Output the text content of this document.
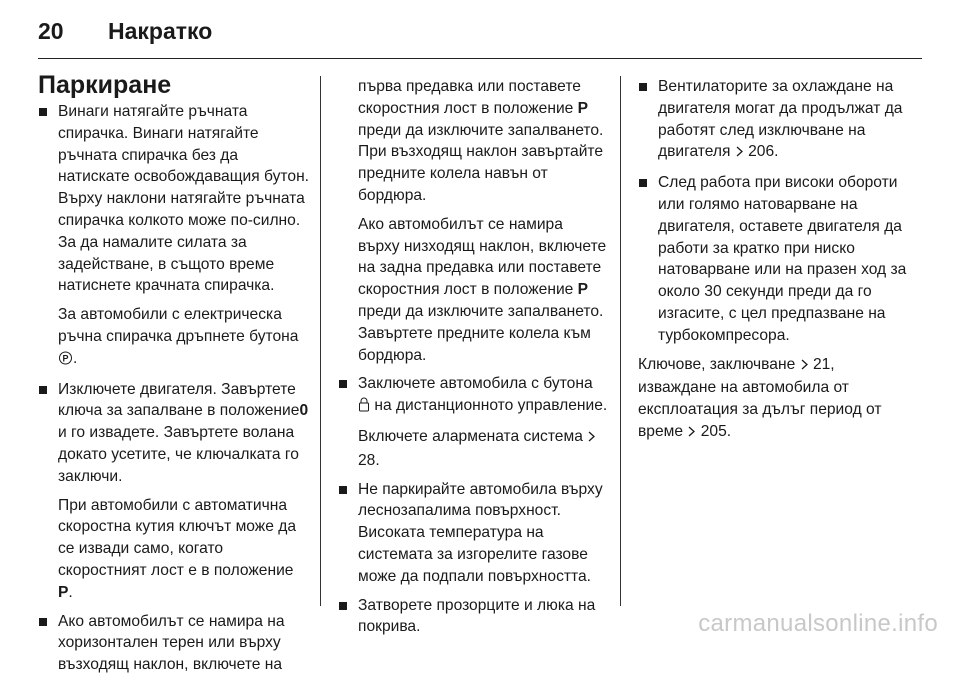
20	Накратко
Паркиране
Винаги натягайте ръчната спирачка. Винаги натягайте ръчната спирачка без да натискате освобождаващия бутон. Върху наклони натягайте ръчната спирачка колкото може по-силно. За да намалите силата за задействане, в същото време натиснете крачната спирачка.
За автомобили с електрическа ръчна спирачка дръпнете бутона
P .
Изключете двигателя. Завъртете ключа за запалване в положение0 и го извадете. Завъртете волана докато усетите, че ключалката го заключи.
При автомобили с автоматична скоростна кутия ключът може да се извади само, когато скоростният лост е в положение P.
Ако автомобилът се намира на хоризонтален терен или върху възходящ наклон, включете на
първа предавка или поставете скоростния лост в положение P преди да изключите запалването. При възходящ наклон завъртайте предните колела навън от бордюра.
Ако автомобилът се намира върху низходящ наклон, включете на задна предавка или поставете скоростния лост в положение P преди да изключите запалването. Завъртете предните колела към бордюра.
Заключете автомобила с бутона  на дистанционното управление.
Включете алармената система  28.
Не паркирайте автомобила върху леснозапалима повърхност. Високата температура на системата за изгорелите газове може да подпали повърхността.
Затворете прозорците и люка на покрива.
Вентилаторите за охлаждане на двигателя могат да продължат да работят след изключване на двигателя 206.
След работа при високи обороти или голямо натоварване на двигателя, оставете двигателя да работи за кратко при ниско натоварване или на празен ход за около 30 секунди преди да го изгасите, с цел предпазване на турбокомпресора.
Ключове, заключване 21, изваждане на автомобила от експлоатация за дълъг период от време 205.
carmanualsonline.info
